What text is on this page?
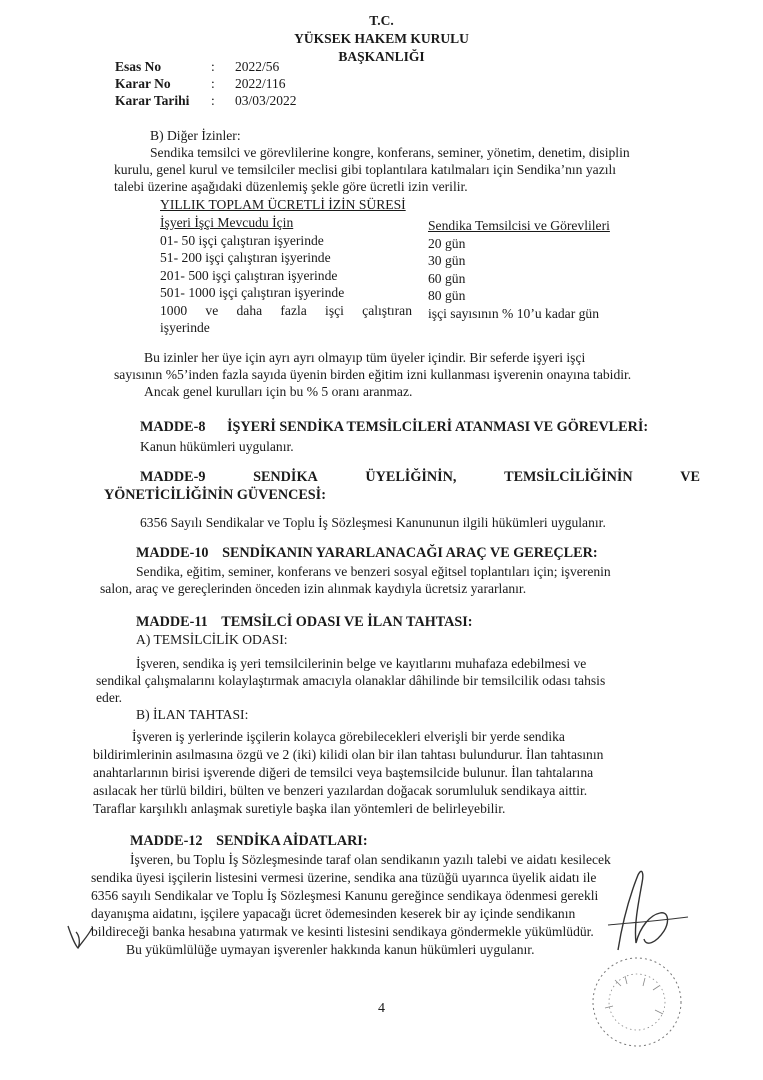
T.C.
YÜKSEK HAKEM KURULU
BAŞKANLIĞI
Esas No	:	2022/56
Karar No	:	2022/116
Karar Tarihi	:	03/03/2022
B) Diğer İzinler:
Sendika temsilci ve görevlilerine kongre, konferans, seminer, yönetim, denetim, disiplin
kurulu, genel kurul ve temsilciler meclisi gibi toplantılara katılmaları için Sendika’nın yazılı
talebi üzerine aşağıdaki düzenlemiş şekle göre ücretli izin verilir.
YILLIK TOPLAM ÜCRETLİ İZİN SÜRESİ
İşyeri İşçi Mevcudu İçin	Sendika Temsilcisi ve Görevlileri
01- 50 işçi çalıştıran işyerinde	20 gün
51- 200 işçi çalıştıran işyerinde	30 gün
201- 500 işçi çalıştıran işyerinde	60 gün
501- 1000 işçi çalıştıran işyerinde	80 gün
1000 ve daha fazla işçi çalıştıran
işyerinde
işçi sayısının % 10’u kadar gün
Bu izinler her üye için ayrı ayrı olmayıp tüm üyeler içindir. Bir seferde işyeri işçi
sayısının %5’inden fazla sayıda üyenin birden eğitim izni kullanması işverenin onayına tabidir.
Ancak genel kurulları için bu % 5 oranı aranmaz.
MADDE-8 İŞYERİ SENDİKA TEMSİLCİLERİ ATANMASI VE GÖREVLERİ:
Kanun hükümleri uygulanır.
MADDE-9	SENDİKA	ÜYELİĞİNİN,	TEMSİLCİLİĞİNİN	VE
YÖNETİCİLİĞİNİN GÜVENCESİ:
6356 Sayılı Sendikalar ve Toplu İş Sözleşmesi Kanununun ilgili hükümleri uygulanır.
MADDE-10 SENDİKANIN YARARLANACAĞI ARAÇ VE GEREÇLER:
Sendika, eğitim, seminer, konferans ve benzeri sosyal eğitsel toplantıları için; işverenin
salon, araç ve gereçlerinden önceden izin alınmak kaydıyla ücretsiz yararlanır.
MADDE-11 TEMSİLCİ ODASI VE İLAN TAHTASI:
A) TEMSİLCİLİK ODASI:
İşveren, sendika iş yeri temsilcilerinin belge ve kayıtlarını muhafaza edebilmesi ve
sendikal çalışmalarını kolaylaştırmak amacıyla olanaklar dâhilinde bir temsilcilik odası tahsis
eder.
B) İLAN TAHTASI:
İşveren iş yerlerinde işçilerin kolayca görebilecekleri elverişli bir yerde sendika
bildirimlerinin asılmasına özgü ve 2 (iki) kilidi olan bir ilan tahtası bulundurur. İlan tahtasının
anahtarlarının birisi işverende diğeri de temsilci veya baştemsilcide bulunur. İlan tahtalarına
asılacak her türlü bildiri, bülten ve benzeri yazılardan doğacak sorumluluk sendikaya aittir.
Taraflar karşılıklı anlaşmak suretiyle başka ilan yöntemleri de belirleyebilir.
MADDE-12 SENDİKA AİDATLARI:
İşveren, bu Toplu İş Sözleşmesinde taraf olan sendikanın yazılı talebi ve aidatı kesilecek
sendika üyesi işçilerin listesini vermesi üzerine, sendika ana tüzüğü uyarınca üyelik aidatı ile
6356 sayılı Sendikalar ve Toplu İş Sözleşmesi Kanunu gereğince sendikaya ödenmesi gerekli
dayanışma aidatını, işçilere yapacağı ücret ödemesinden keserek bir ay içinde sendikanın
bildireceği banka hesabına yatırmak ve kesinti listesini sendikaya göndermekle yükümlüdür.
Bu yükümlülüğe uymayan işverenler hakkında kanun hükümleri uygulanır.
4
